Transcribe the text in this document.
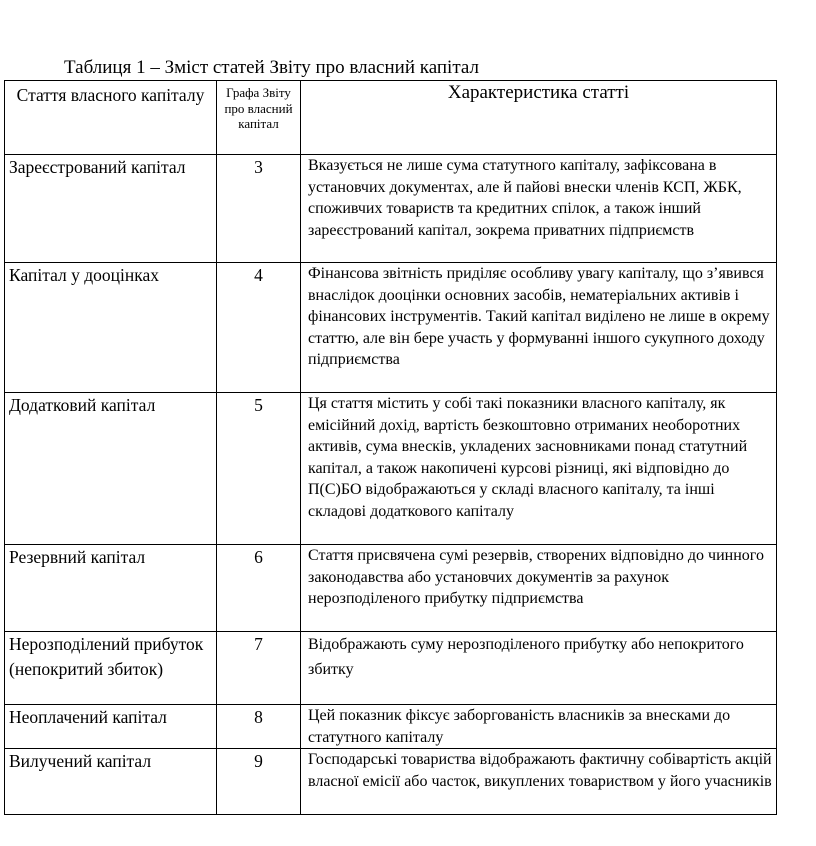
Таблиця 1 – Зміст статей Звіту про власний капітал
Стаття власного капіталу	Графа Звіту про власний капітал	Характеристика статті
Зареєстрований капітал	3	Вказується не лише сума статутного капіталу, зафіксована в установчих документах, але й пайові внески членів КСП, ЖБК, споживчих товариств та кредитних спілок, а також інший зареєстрований капітал, зокрема приватних підприємств
Капітал у дооцінках	4	Фінансова звітність приділяє особливу увагу капіталу, що з’явився внаслідок дооцінки основних засобів, нематеріальних активів і фінансових інструментів. Такий капітал виділено не лише в окрему статтю, але він бере участь у формуванні іншого сукупного доходу підприємства
Додатковий капітал	5	Ця стаття містить у собі такі показники власного капіталу, як емісійний дохід, вартість безкоштовно отриманих необоротних активів, сума внесків, укладених засновниками понад статутний капітал, а також накопичені курсові різниці, які відповідно до П(С)БО відображаються у складі власного капіталу, та інші складові додаткового капіталу
Резервний капітал	6	Стаття присвячена сумі резервів, створених відповідно до чинного законодавства або установчих документів за рахунок нерозподіленого прибутку підприємства
Нерозподілений прибуток (непокритий збиток)	7	Відображають суму нерозподіленого прибутку або непокритого збитку
Неоплачений капітал	8	Цей показник фіксує заборгованість власників за внесками до статутного капіталу
Вилучений капітал	9	Господарські товариства відображають фактичну собівартість акцій власної емісії або часток, викуплених товариством у його учасників
